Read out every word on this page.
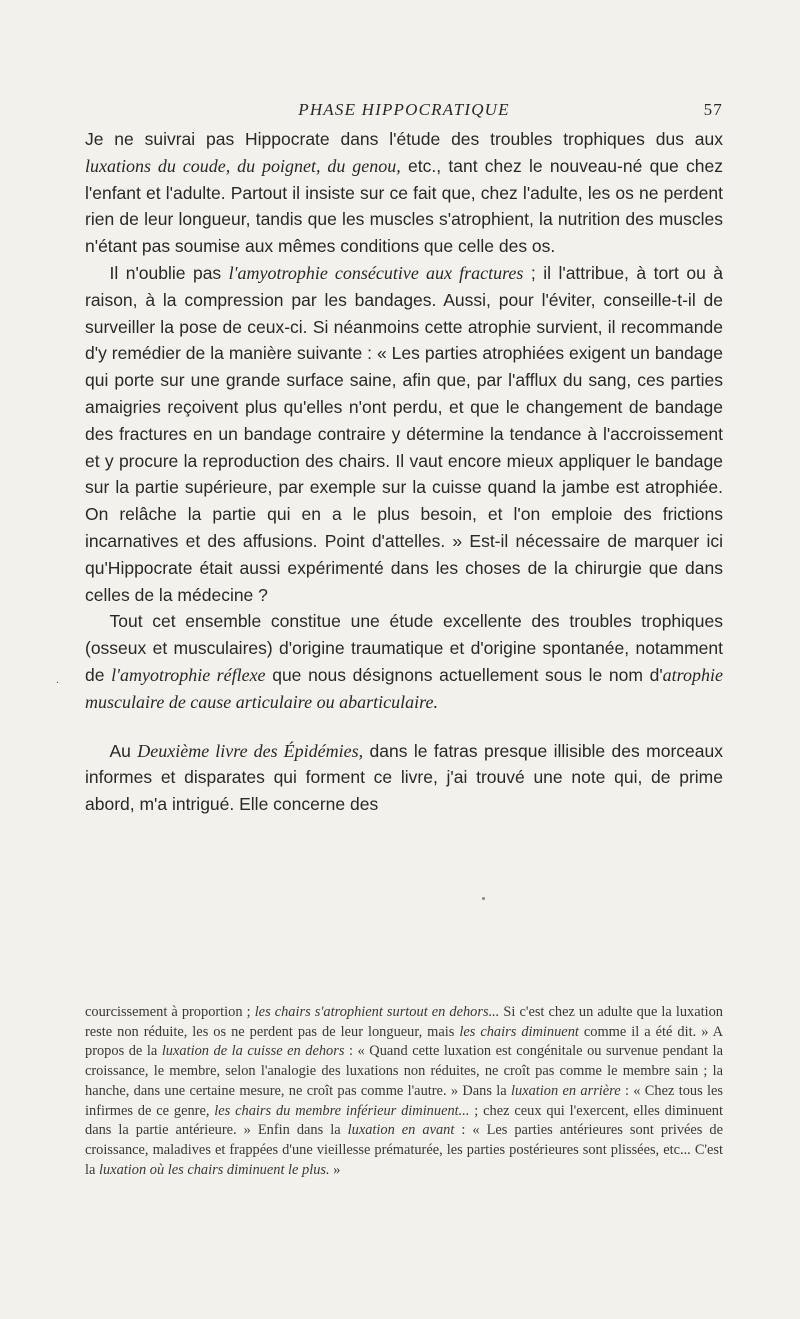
PHASE HIPPOCRATIQUE	57

Je ne suivrai pas Hippocrate dans l'étude des troubles trophiques dus aux luxations du coude, du poignet, du genou, etc., tant chez le nouveau-né que chez l'enfant et l'adulte. Partout il insiste sur ce fait que, chez l'adulte, les os ne perdent rien de leur longueur, tandis que les muscles s'atrophient, la nutrition des muscles n'étant pas soumise aux mêmes conditions que celle des os.

Il n'oublie pas l'amyotrophie consécutive aux fractures ; il l'attribue, à tort ou à raison, à la compression par les bandages. Aussi, pour l'éviter, conseille-t-il de surveiller la pose de ceux-ci. Si néanmoins cette atrophie survient, il recommande d'y remédier de la manière suivante : « Les parties atrophiées exigent un bandage qui porte sur une grande surface saine, afin que, par l'afflux du sang, ces parties amaigries reçoivent plus qu'elles n'ont perdu, et que le changement de bandage des fractures en un bandage contraire y détermine la tendance à l'accroissement et y procure la reproduction des chairs. Il vaut encore mieux appliquer le bandage sur la partie supérieure, par exemple sur la cuisse quand la jambe est atrophiée. On relâche la partie qui en a le plus besoin, et l'on emploie des frictions incarnatives et des affusions. Point d'attelles. » Est-il nécessaire de marquer ici qu'Hippocrate était aussi expérimenté dans les choses de la chirurgie que dans celles de la médecine ?

Tout cet ensemble constitue une étude excellente des troubles trophiques (osseux et musculaires) d'origine traumatique et d'origine spontanée, notamment de l'amyotrophie réflexe que nous désignons actuellement sous le nom d'atrophie musculaire de cause articulaire ou abarticulaire.

Au Deuxième livre des Épidémies, dans le fatras presque illisible des morceaux informes et disparates qui forment ce livre, j'ai trouvé une note qui, de prime abord, m'a intrigué. Elle concerne des

courcissement à proportion ; les chairs s'atrophient surtout en dehors... Si c'est chez un adulte que la luxation reste non réduite, les os ne perdent pas de leur longueur, mais les chairs diminuent comme il a été dit. » A propos de la luxation de la cuisse en dehors : « Quand cette luxation est congénitale ou survenue pendant la croissance, le membre, selon l'analogie des luxations non réduites, ne croît pas comme le membre sain ; la hanche, dans une certaine mesure, ne croît pas comme l'autre. » Dans la luxation en arrière : « Chez tous les infirmes de ce genre, les chairs du membre inférieur diminuent... ; chez ceux qui l'exercent, elles diminuent dans la partie antérieure. » Enfin dans la luxation en avant : « Les parties antérieures sont privées de croissance, maladives et frappées d'une vieillesse prématurée, les parties postérieures sont plissées, etc... C'est la luxation où les chairs diminuent le plus. »

·
